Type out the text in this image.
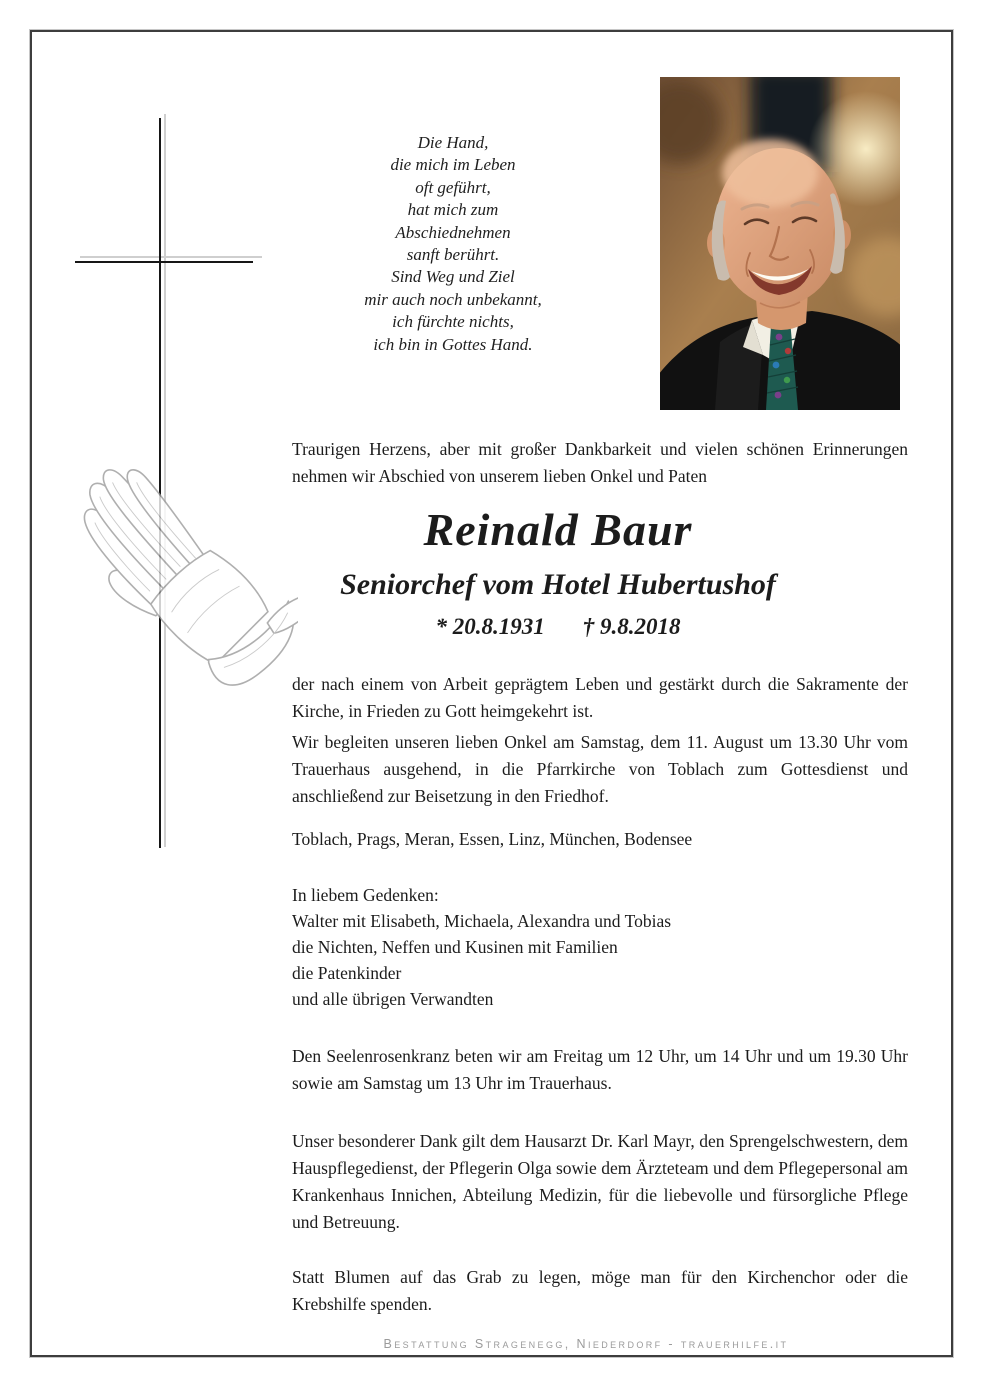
Die Hand,
die mich im Leben
oft geführt,
hat mich zum
Abschiednehmen
sanft berührt.
Sind Weg und Ziel
mir auch noch unbekannt,
ich fürchte nichts,
ich bin in Gottes Hand.
Traurigen Herzens, aber mit großer Dankbarkeit und vielen schönen Erinnerungen nehmen wir Abschied von unserem lieben Onkel und Paten
Reinald Baur
Seniorchef vom Hotel Hubertushof
* 20.8.1931 † 9.8.2018
der nach einem von Arbeit geprägtem Leben und gestärkt durch die Sakramente der Kirche, in Frieden zu Gott heimgekehrt ist.
Wir begleiten unseren lieben Onkel am Samstag, dem 11. August um 13.30 Uhr vom Trauerhaus ausgehend, in die Pfarrkirche von Toblach zum Gottesdienst und anschließend zur Beisetzung in den Friedhof.
Toblach, Prags, Meran, Essen, Linz, München, Bodensee
In liebem Gedenken:
Walter mit Elisabeth, Michaela, Alexandra und Tobias
die Nichten, Neffen und Kusinen mit Familien
die Patenkinder
und alle übrigen Verwandten
Den Seelenrosenkranz beten wir am Freitag um 12 Uhr, um 14 Uhr und um 19.30 Uhr sowie am Samstag um 13 Uhr im Trauerhaus.
Unser besonderer Dank gilt dem Hausarzt Dr. Karl Mayr, den Sprengelschwestern, dem Hauspflegedienst, der Pflegerin Olga sowie dem Ärzteteam und dem Pflegepersonal am Krankenhaus Innichen, Abteilung Medizin, für die liebevolle und fürsorgliche Pflege und Betreuung.
Statt Blumen auf das Grab zu legen, möge man für den Kirchenchor oder die Krebshilfe spenden.
Bestattung Stragenegg, Niederdorf - trauerhilfe.it
